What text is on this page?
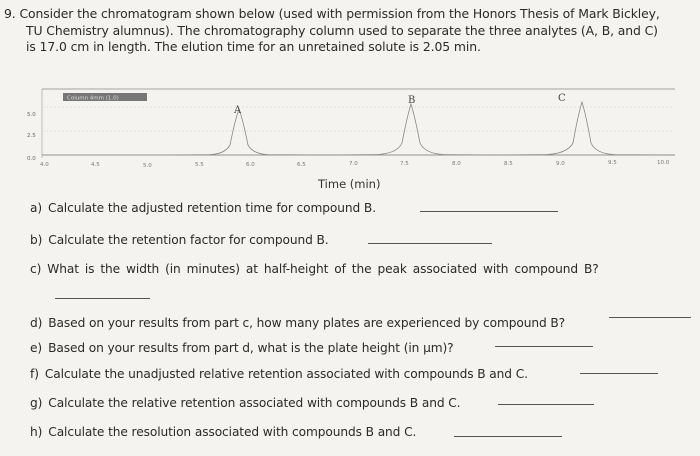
9. Consider the chromatogram shown below (used with permission from the Honors Thesis of Mark Bickley,
TU Chemistry alumnus). The chromatography column used to separate the three analytes (A, B, and C)
is 17.0 cm in length. The elution time for an unretained solute is 2.05 min.
Column 4mm (1.0)
5.0
2.5
0.0
A
B	C
4.0	4.5	5.0	5.5	6.0	6.5	7.0	7.5	8.0	8.5	9.0	9.5	10.0
Time (min)
a) Calculate the adjusted retention time for compound B.
b) Calculate the retention factor for compound B.
c) What is the width (in minutes) at half-height of the peak associated with compound B?
d) Based on your results from part c, how many plates are experienced by compound B?
e) Based on your results from part d, what is the plate height (in μm)?
f) Calculate the unadjusted relative retention associated with compounds B and C.
g) Calculate the relative retention associated with compounds B and C.
h) Calculate the resolution associated with compounds B and C.
